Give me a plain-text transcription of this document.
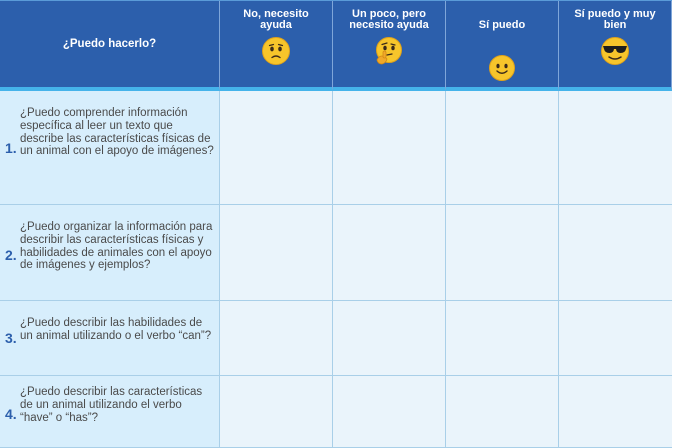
¿Puedo hacerlo?
No, necesito ayuda
Un poco, pero necesito ayuda	Sí puedo
Sí puedo y muy bien
1.
¿Puedo comprender información específica al leer un texto que describe las características físicas de un animal con el apoyo de imágenes?
2.
¿Puedo organizar la información para describir las características físicas y habilidades de animales con el apoyo de imágenes y ejemplos?
3.
¿Puedo describir las habilidades de un animal utilizando o el verbo “can”?
4.
¿Puedo describir las características de un animal utilizando el verbo “have” o “has”?
